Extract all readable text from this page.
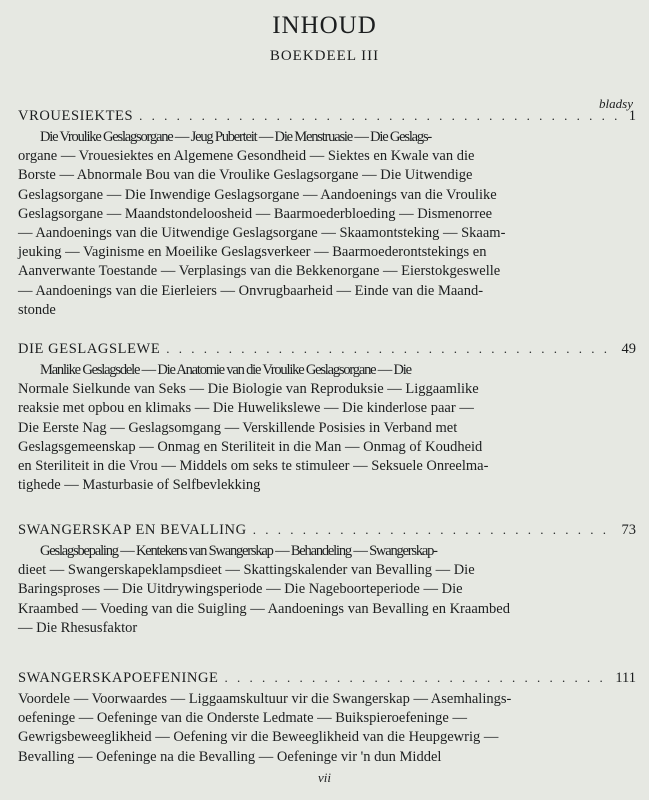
INHOUD
BOEKDEEL III
bladsy
VROUESIEKTES . . .	1
Die Vroulike Geslagsorgane — Jeug Puberteit — Die Menstruasie — Die Geslags-
organe — Vrouesiektes en Algemene Gesondheid — Siektes en Kwale van die
Borste — Abnormale Bou van die Vroulike Geslagsorgane — Die Uitwendige
Geslagsorgane — Die Inwendige Geslagsorgane — Aandoenings van die Vroulike
Geslagsorgane — Maandstondeloosheid — Baarmoederbloeding — Dismenorree
— Aandoenings van die Uitwendige Geslagsorgane — Skaamontsteking — Skaam-
jeuking — Vaginisme en Moeilike Geslagsverkeer — Baarmoederontstekings en
Aanverwante Toestande — Verplasings van die Bekkenorgane — Eierstokgeswelle
— Aandoenings van die Eierleiers — Onvrugbaarheid — Einde van die Maand-
stonde
DIE GESLAGSLEWE . . .	49
Manlike Geslagsdele — Die Anatomie van die Vroulike Geslagsorgane — Die
Normale Sielkunde van Seks — Die Biologie van Reproduksie — Liggaamlike
reaksie met opbou en klimaks — Die Huwelikslewe — Die kinderlose paar —
Die Eerste Nag — Geslagsomgang — Verskillende Posisies in Verband met
Geslagsgemeenskap — Onmag en Steriliteit in die Man — Onmag of Koudheid
en Steriliteit in die Vrou — Middels om seks te stimuleer — Seksuele Onreelma-
tighede — Masturbasie of Selfbevlekking
SWANGERSKAP EN BEVALLING . . .	73
Geslagsbepaling — Kentekens van Swangerskap — Behandeling — Swangerskap-
dieet — Swangerskapeklampsdieet — Skattingskalender van Bevalling — Die
Baringsproses — Die Uitdrywingsperiode — Die Nageboorteperiode — Die
Kraambed — Voeding van die Suigling — Aandoenings van Bevalling en Kraambed
— Die Rhesusfaktor
SWANGERSKAPOEFENINGE . . .	111
Voordele — Voorwaardes — Liggaamskultuur vir die Swangerskap — Asemhalings-
oefeninge — Oefeninge van die Onderste Ledmate — Buikspieroefeninge —
Gewrigsbeweeglikheid — Oefening vir die Beweeglikheid van die Heupgewrig —
Bevalling — Oefeninge na die Bevalling — Oefeninge vir 'n dun Middel
vii
